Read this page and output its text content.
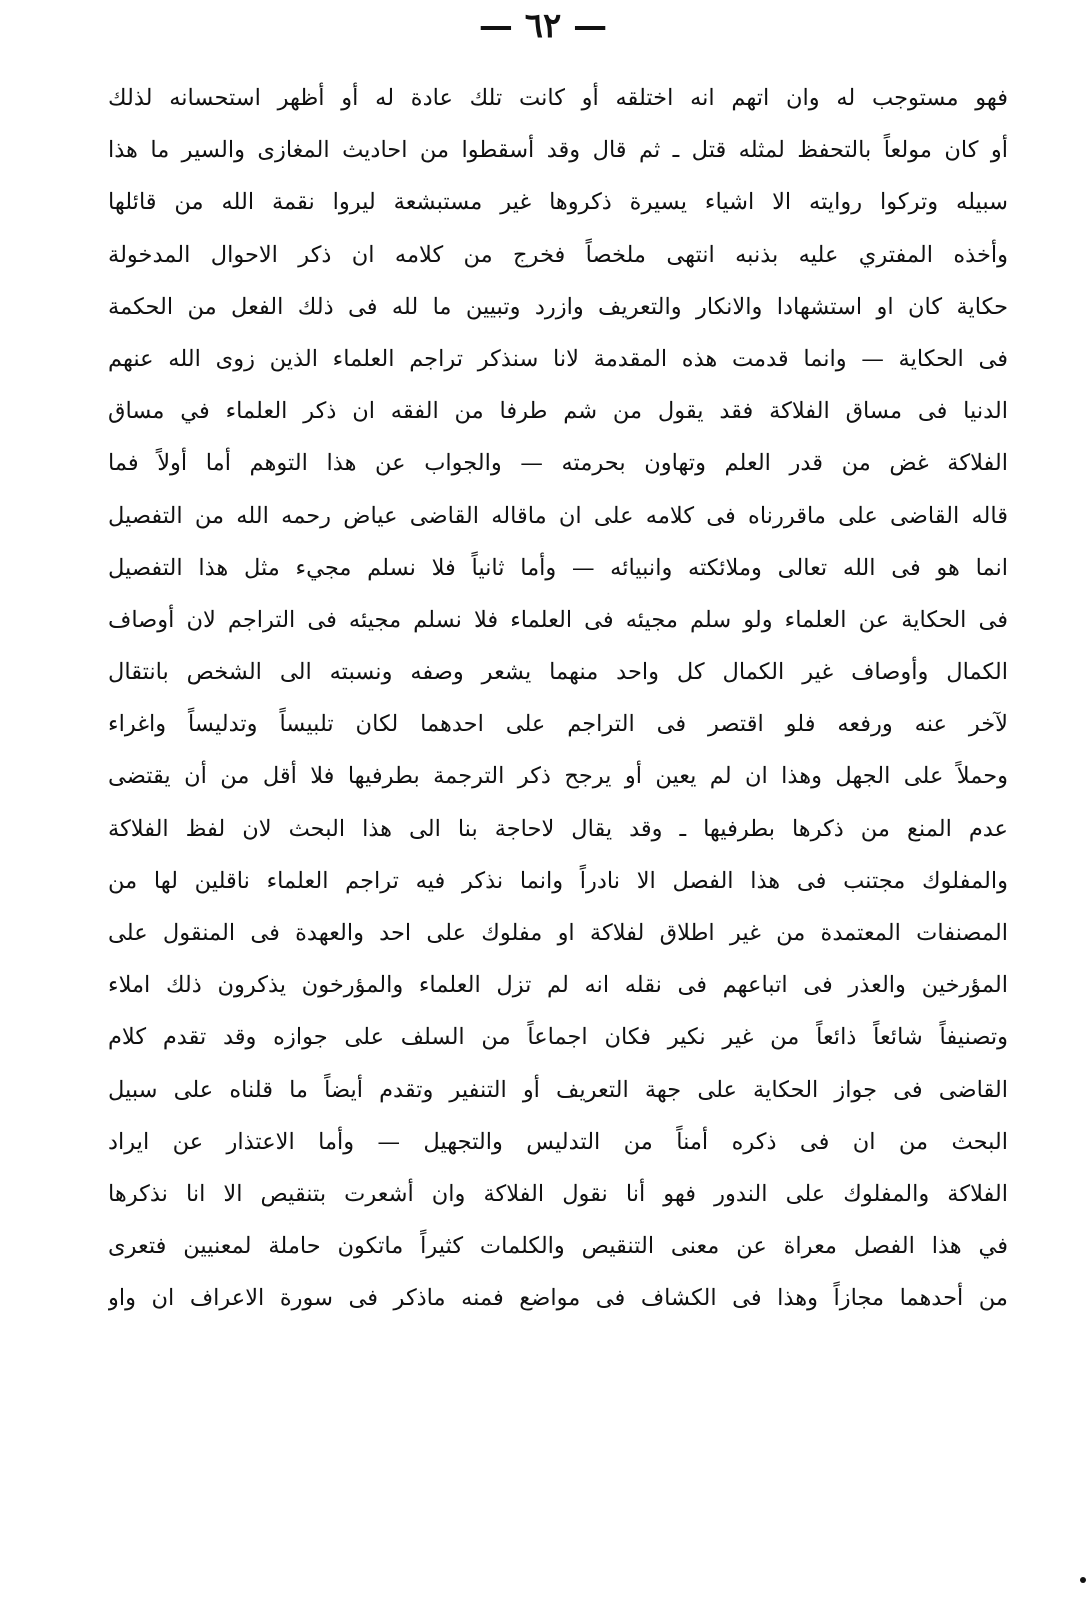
— ٦٢ —
فهو مستوجب له وان اتهم انه اختلقه أو كانت تلك عادة له أو أظهر استحسانه لذلك
أو كان مولعاً بالتحفظ لمثله قتل ـ ثم قال وقد أسقطوا من احاديث المغازى والسير ما هذا
سبيله وتركوا روايته الا اشياء يسيرة ذكروها غير مستبشعة ليروا نقمة الله من قائلها
وأخذه المفتري عليه بذنبه انتهى ملخصاً فخرج من كلامه ان ذكر الاحوال المدخولة
حكاية كان او استشهادا والانكار والتعريف وازرد وتبيين ما لله فى ذلك الفعل من الحكمة
فى الحكاية — وانما قدمت هذه المقدمة لانا سنذكر تراجم العلماء الذين زوى الله عنهم
الدنيا فى مساق الفلاكة فقد يقول من شم طرفا من الفقه ان ذكر العلماء في مساق
الفلاكة غض من قدر العلم وتهاون بحرمته — والجواب عن هذا التوهم أما أولاً فما
قاله القاضى على ماقررناه فى كلامه على ان ماقاله القاضى عياض رحمه الله من التفصيل
انما هو فى الله تعالى وملائكته وانبيائه — وأما ثانياً فلا نسلم مجيء مثل هذا التفصيل
فى الحكاية عن العلماء ولو سلم مجيئه فى العلماء فلا نسلم مجيئه فى التراجم لان أوصاف
الكمال وأوصاف غير الكمال كل واحد منهما يشعر وصفه ونسبته الى الشخص بانتقال
لآخر عنه ورفعه فلو اقتصر فى التراجم على احدهما لكان تلبيساً وتدليساً واغراء
وحملاً على الجهل وهذا ان لم يعين أو يرجح ذكر الترجمة بطرفيها فلا أقل من أن يقتضى
عدم المنع من ذكرها بطرفيها ـ وقد يقال لاحاجة بنا الى هذا البحث لان لفظ الفلاكة
والمفلوك مجتنب فى هذا الفصل الا نادراً وانما نذكر فيه تراجم العلماء ناقلين لها من
المصنفات المعتمدة من غير اطلاق لفلاكة او مفلوك على احد والعهدة فى المنقول على
المؤرخين والعذر فى اتباعهم فى نقله انه لم تزل العلماء والمؤرخون يذكرون ذلك املاء
وتصنيفاً شائعاً ذائعاً من غير نكير فكان اجماعاً من السلف على جوازه وقد تقدم كلام
القاضى فى جواز الحكاية على جهة التعريف أو التنفير وتقدم أيضاً ما قلناه على سبيل
البحث من ان فى ذكره أمناً من التدليس والتجهيل — وأما الاعتذار عن ايراد
الفلاكة والمفلوك على الندور فهو أنا نقول الفلاكة وان أشعرت بتنقيص الا انا نذكرها
في هذا الفصل معراة عن معنى التنقيص والكلمات كثيراً ماتكون حاملة لمعنيين فتعرى
من أحدهما مجازاً وهذا فى الكشاف فى مواضع فمنه ماذكر فى سورة الاعراف ان واو
